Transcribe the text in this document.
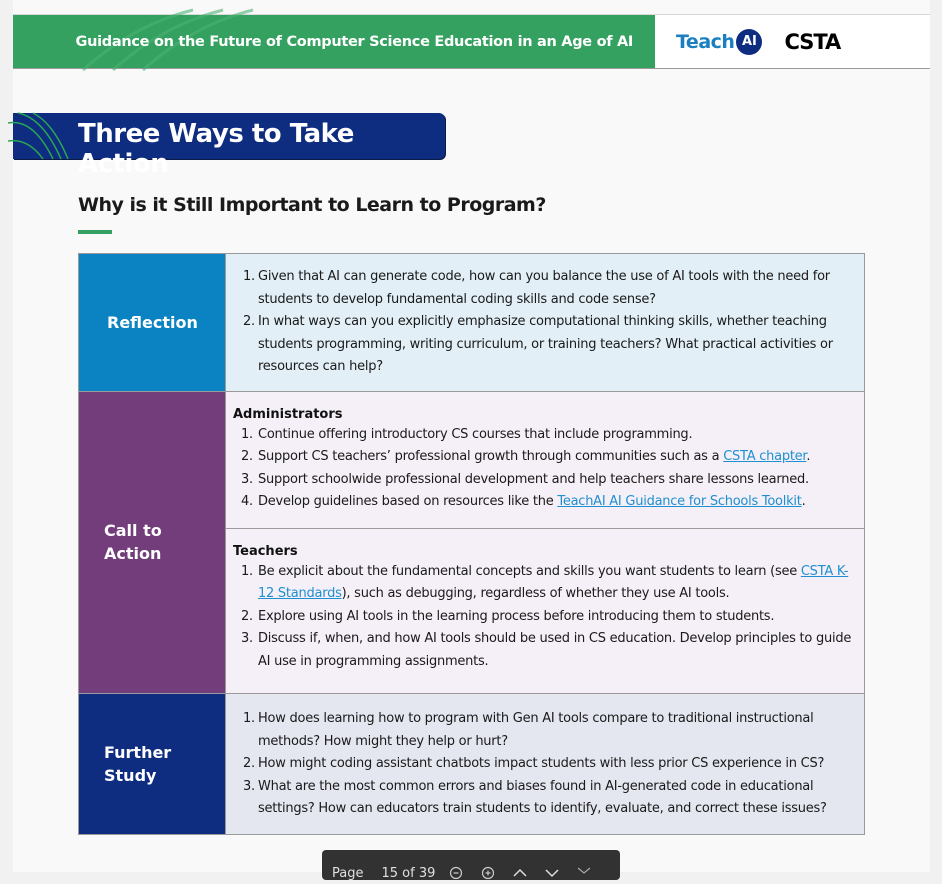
Guidance on the Future of Computer Science Education in an Age of AI Teach AI CSTA
Three Ways to Take Action
Why is it Still Important to Learn to Program?
Reflection
1. Given that AI can generate code, how can you balance the use of AI tools with the need for students to develop fundamental coding skills and code sense?
2. In what ways can you explicitly emphasize computational thinking skills, whether teaching students programming, writing curriculum, or training teachers? What practical activities or resources can help?
Call to
Action
Administrators
1. Continue offering introductory CS courses that include programming.
2. Support CS teachers’ professional growth through communities such as a CSTA chapter.
3. Support schoolwide professional development and help teachers share lessons learned.
4. Develop guidelines based on resources like the TeachAI AI Guidance for Schools Toolkit.
Teachers
1. Be explicit about the fundamental concepts and skills you want students to learn (see CSTA K-12 Standards), such as debugging, regardless of whether they use AI tools.
2. Explore using AI tools in the learning process before introducing them to students.
3. Discuss if, when, and how AI tools should be used in CS education. Develop principles to guide AI use in programming assignments.
Further
Study
1. How does learning how to program with Gen AI tools compare to traditional instructional methods? How might they help or hurt?
2. How might coding assistant chatbots impact students with less prior CS experience in CS?
3. What are the most common errors and biases found in AI-generated code in educational settings? How can educators train students to identify, evaluate, and correct these issues?
Page 15 of 39
